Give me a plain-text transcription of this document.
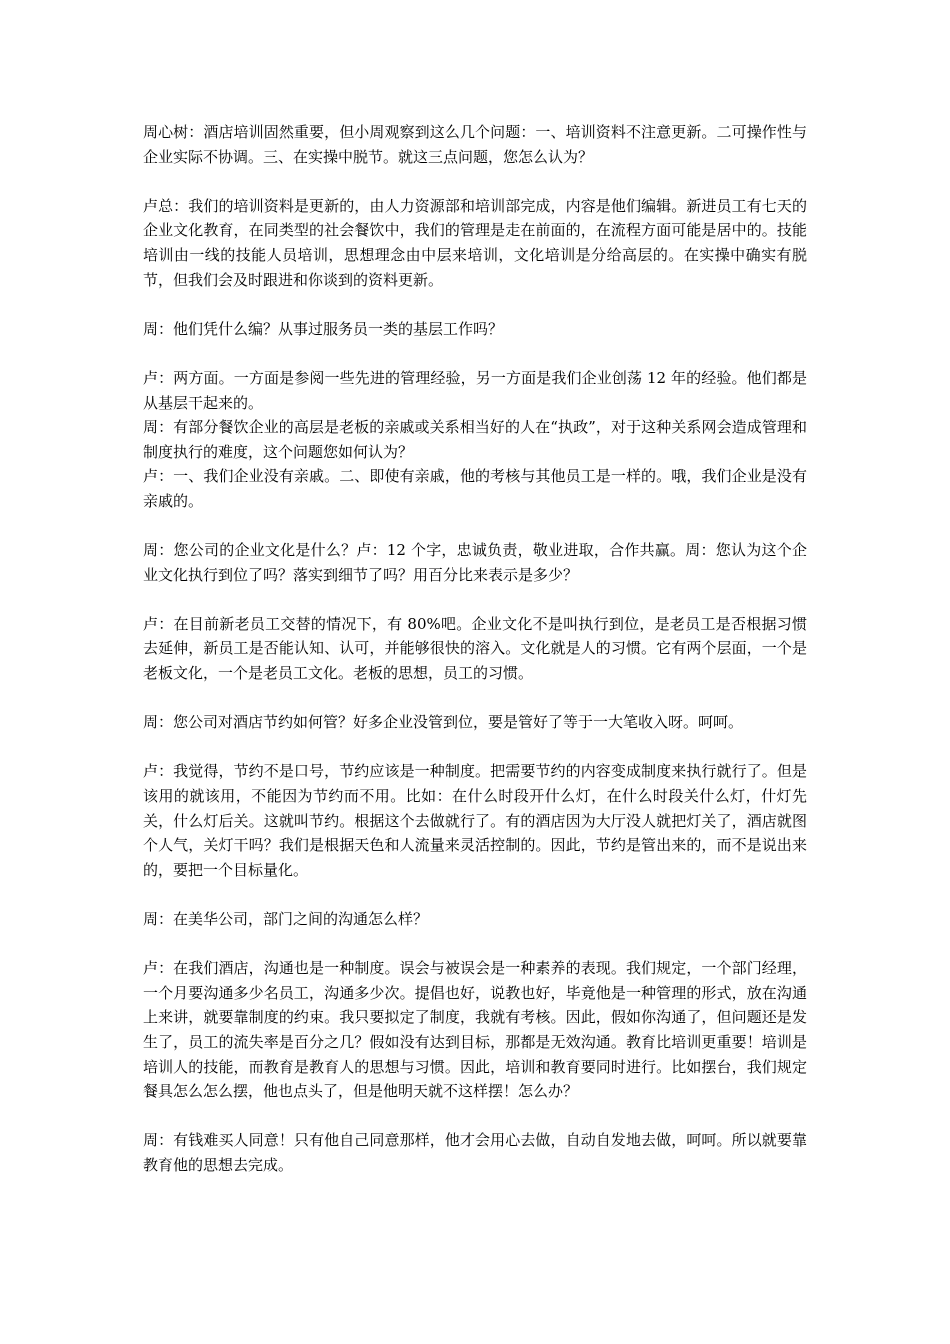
周心树：酒店培训固然重要，但小周观察到这么几个问题：一、培训资料不注意更新。二可操作性与企业实际不协调。三、在实操中脱节。就这三点问题，您怎么认为？

卢总：我们的培训资料是更新的，由人力资源部和培训部完成，内容是他们编辑。新进员工有七天的企业文化教育，在同类型的社会餐饮中，我们的管理是走在前面的，在流程方面可能是居中的。技能培训由一线的技能人员培训，思想理念由中层来培训，文化培训是分给高层的。在实操中确实有脱节，但我们会及时跟进和你谈到的资料更新。

周：他们凭什么编？从事过服务员一类的基层工作吗？

卢：两方面。一方面是参阅一些先进的管理经验，另一方面是我们企业创荡 12 年的经验。他们都是从基层干起来的。

周：有部分餐饮企业的高层是老板的亲戚或关系相当好的人在“执政”，对于这种关系网会造成管理和制度执行的难度，这个问题您如何认为？

卢：一、我们企业没有亲戚。二、即使有亲戚，他的考核与其他员工是一样的。哦，我们企业是没有亲戚的。

周：您公司的企业文化是什么？卢：12 个字，忠诚负责，敬业进取，合作共赢。周：您认为这个企业文化执行到位了吗？落实到细节了吗？用百分比来表示是多少？

卢：在目前新老员工交替的情况下，有 80%吧。企业文化不是叫执行到位，是老员工是否根据习惯去延伸，新员工是否能认知、认可，并能够很快的溶入。文化就是人的习惯。它有两个层面，一个是老板文化，一个是老员工文化。老板的思想，员工的习惯。

周：您公司对酒店节约如何管？好多企业没管到位，要是管好了等于一大笔收入呀。呵呵。

卢：我觉得，节约不是口号，节约应该是一种制度。把需要节约的内容变成制度来执行就行了。但是该用的就该用，不能因为节约而不用。比如：在什么时段开什么灯，在什么时段关什么灯，什灯先关，什么灯后关。这就叫节约。根据这个去做就行了。有的酒店因为大厅没人就把灯关了，酒店就图个人气，关灯干吗？我们是根据天色和人流量来灵活控制的。因此，节约是管出来的，而不是说出来的，要把一个目标量化。

周：在美华公司，部门之间的沟通怎么样？

卢：在我们酒店，沟通也是一种制度。误会与被误会是一种素养的表现。我们规定，一个部门经理，一个月要沟通多少名员工，沟通多少次。提倡也好，说教也好，毕竟他是一种管理的形式，放在沟通上来讲，就要靠制度的约束。我只要拟定了制度，我就有考核。因此，假如你沟通了，但问题还是发生了，员工的流失率是百分之几？假如没有达到目标，那都是无效沟通。教育比培训更重要！培训是培训人的技能，而教育是教育人的思想与习惯。因此，培训和教育要同时进行。比如摆台，我们规定餐具怎么怎么摆，他也点头了，但是他明天就不这样摆！怎么办？

周：有钱难买人同意！只有他自己同意那样，他才会用心去做，自动自发地去做，呵呵。所以就要靠教育他的思想去完成。
